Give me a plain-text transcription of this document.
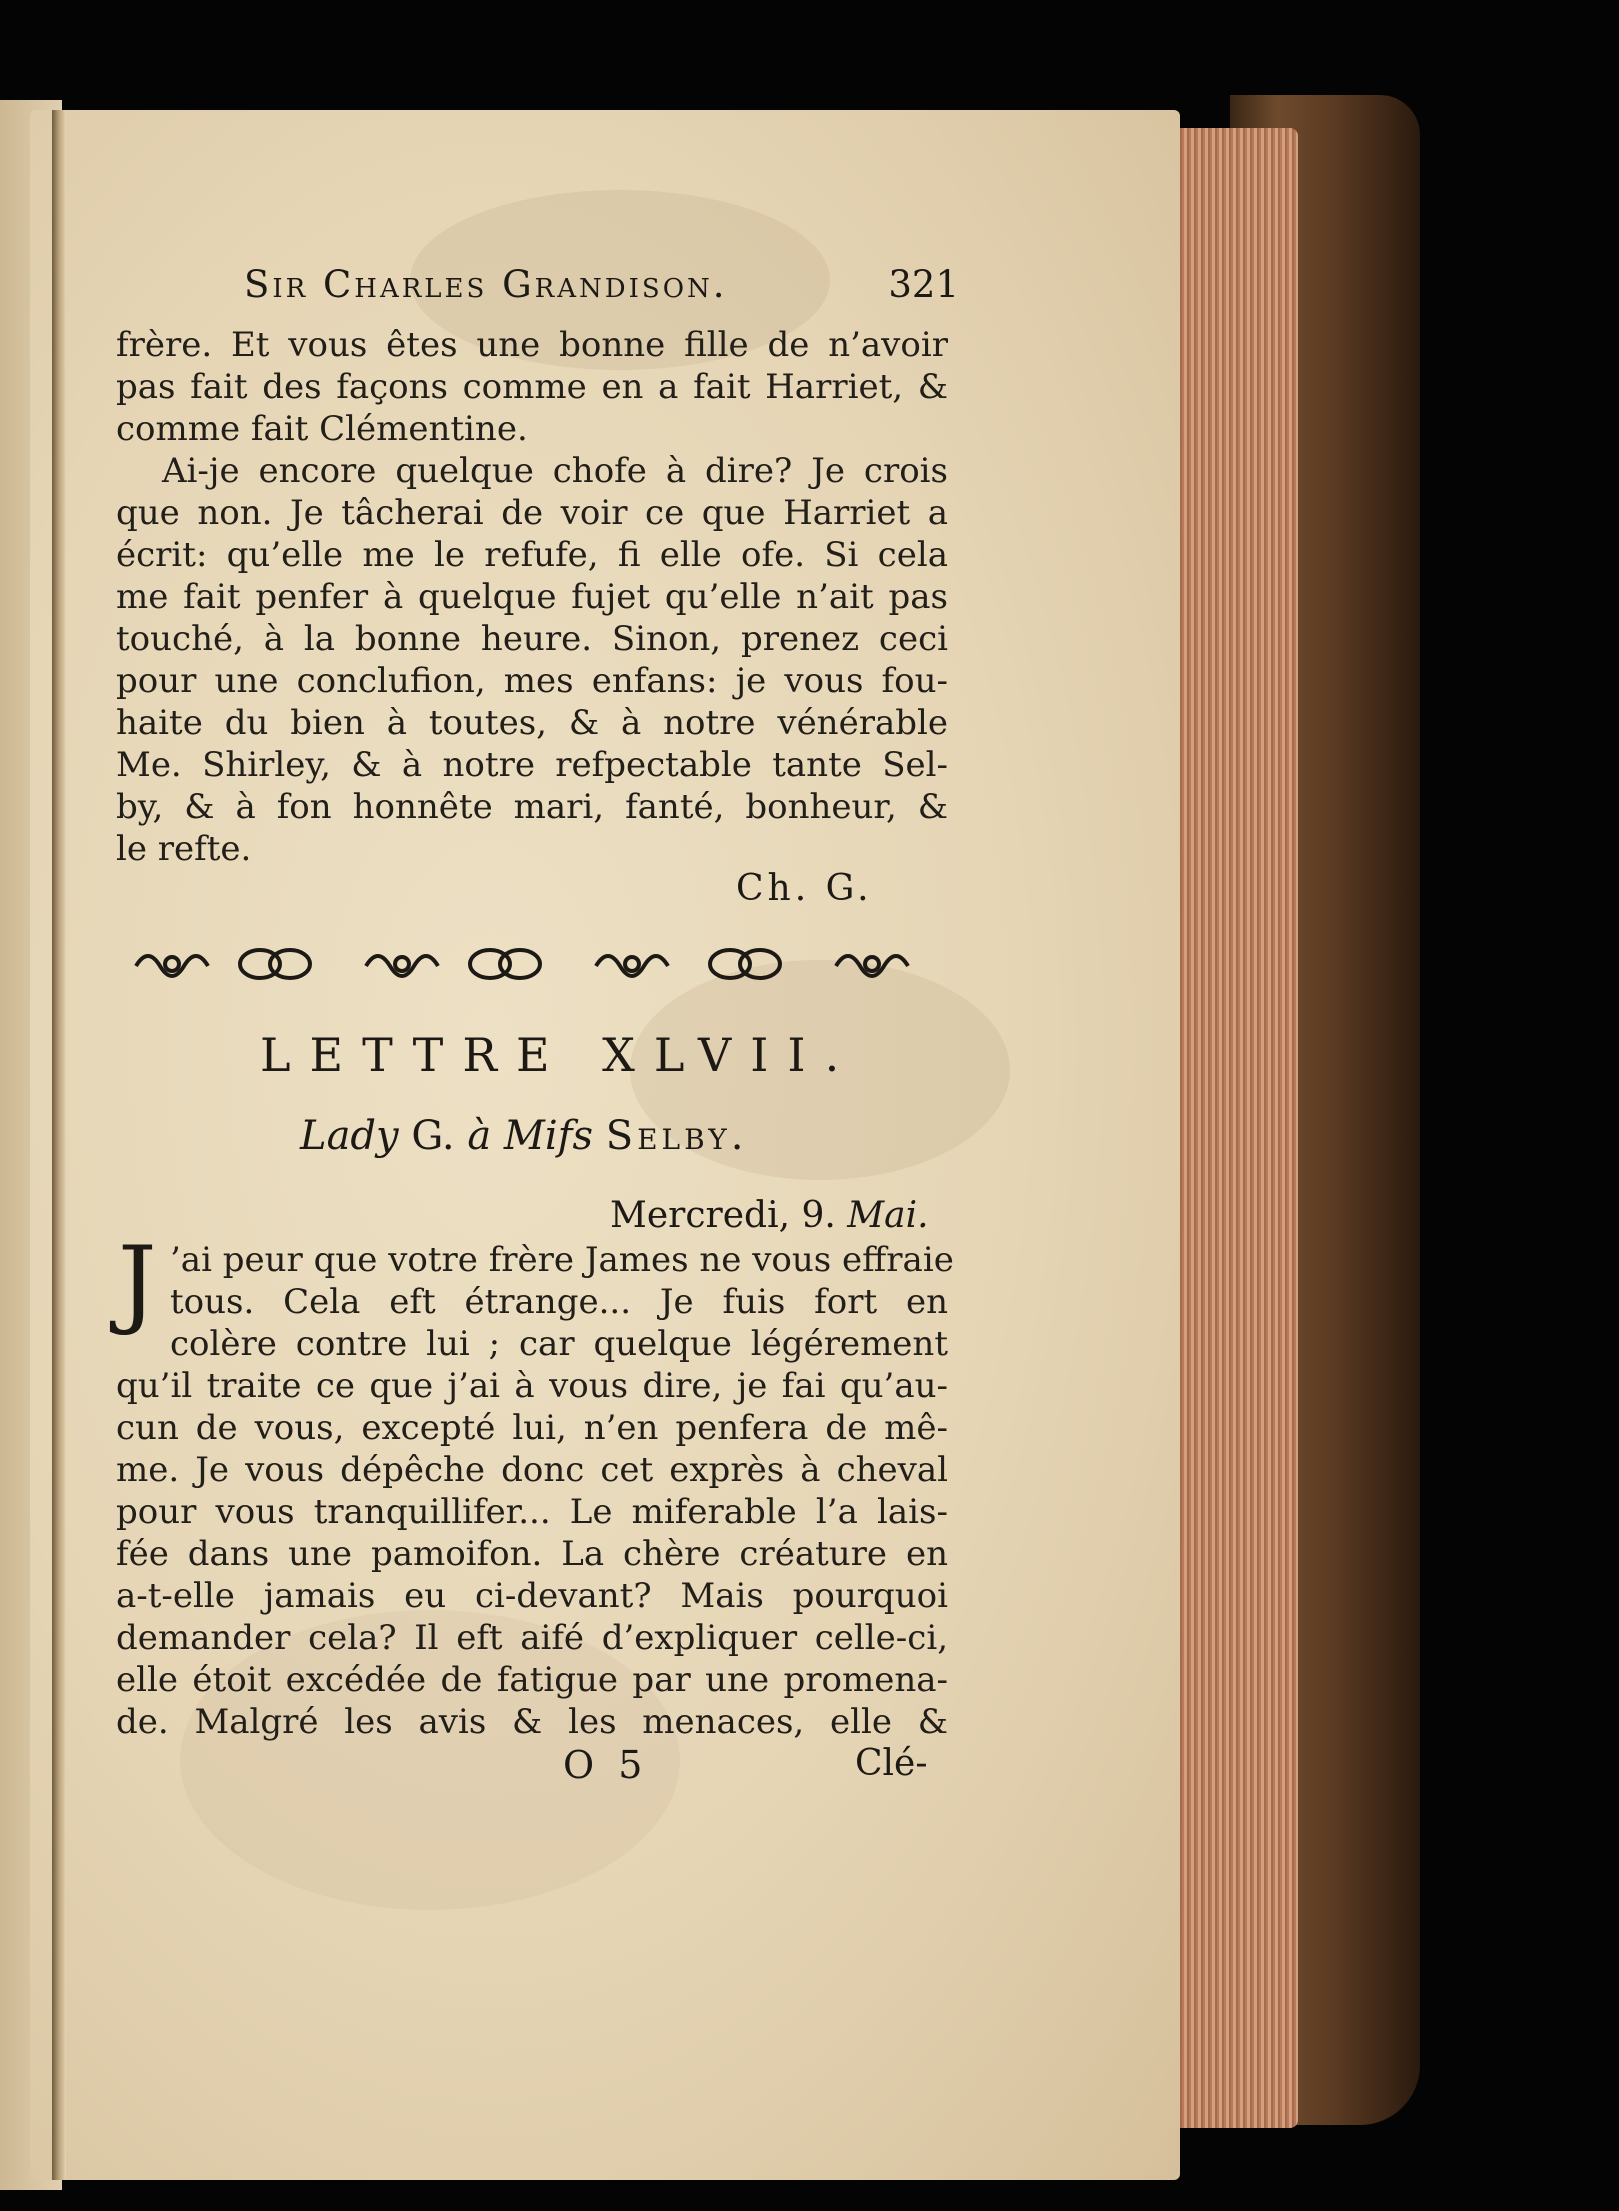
Sir Charles Grandison.	321
frère. Et vous êtes une bonne fille de n’avoir
pas fait des façons comme en a fait Harriet, &
comme fait Clémentine.
Ai-je encore quelque chofe à dire? Je crois
que non. Je tâcherai de voir ce que Harriet a
écrit: qu’elle me le refufe, fi elle ofe. Si cela
me fait penfer à quelque fujet qu’elle n’ait pas
touché, à la bonne heure. Sinon, prenez ceci
pour une conclufion, mes enfans: je vous fou-
haite du bien à toutes, & à notre vénérable
Me. Shirley, & à notre refpectable tante Sel-
by, & à fon honnête mari, fanté, bonheur, &
le refte.
Ch. G.
LETTRE XLVII.
Lady G. à Mifs Selby.
Mercredi, 9. Mai.
J ’ai peur que votre frère James ne vous effraie
tous. Cela eft étrange... Je fuis fort en
colère contre lui ; car quelque légérement
qu’il traite ce que j’ai à vous dire, je fai qu’au-
cun de vous, excepté lui, n’en penfera de mê-
me. Je vous dépêche donc cet exprès à cheval
pour vous tranquillifer... Le miferable l’a lais-
fée dans une pamoifon. La chère créature en
a-t-elle jamais eu ci-devant? Mais pourquoi
demander cela? Il eft aifé d’expliquer celle-ci,
elle étoit excédée de fatigue par une promena-
de. Malgré les avis & les menaces, elle &
O 5	Clé-
